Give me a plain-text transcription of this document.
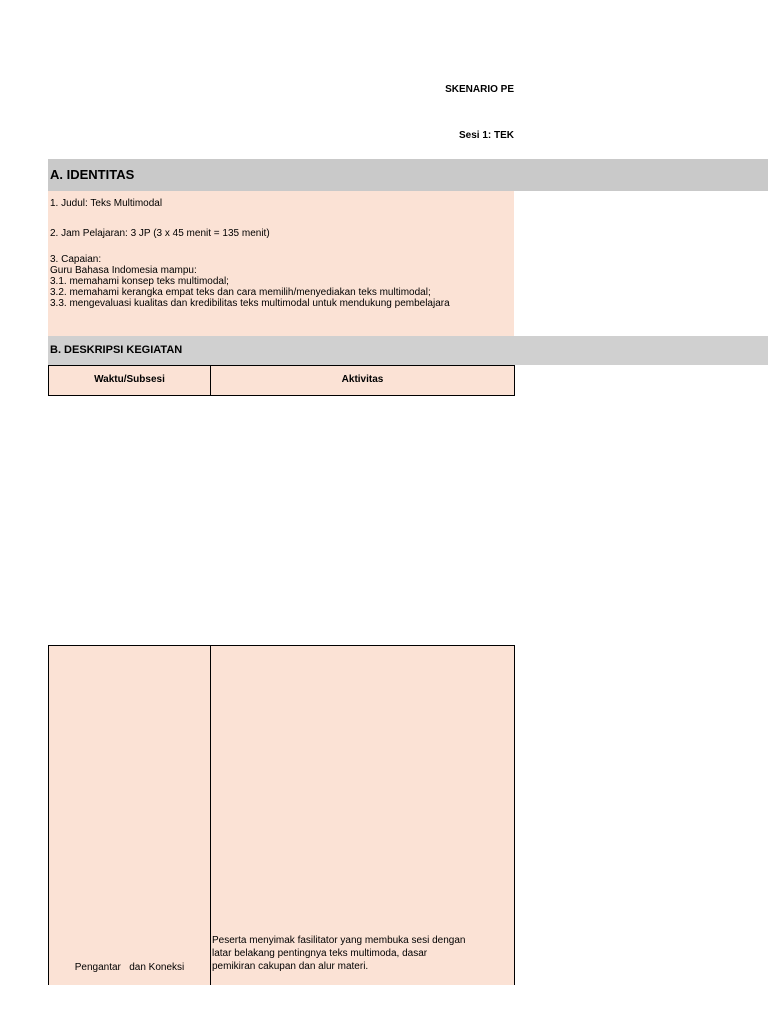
SKENARIO PE
Sesi 1: TEK
A. IDENTITAS
1. Judul: Teks Multimodal
2. Jam Pelajaran: 3 JP (3 x 45 menit = 135 menit)
3. Capaian:
Guru Bahasa Indomesia mampu:
3.1. memahami konsep teks multimodal;
3.2. memahami kerangka empat teks dan cara memilih/menyediakan teks multimodal;
3.3. mengevaluasi kualitas dan kredibilitas teks multimodal untuk mendukung pembelajara
B. DESKRIPSI KEGIATAN
Waktu/Subsesi	Aktivitas
Pengantar   dan Koneksi
Peserta menyimak fasilitator yang membuka sesi dengan
latar belakang pentingnya teks multimoda, dasar
pemikiran cakupan dan alur materi.
